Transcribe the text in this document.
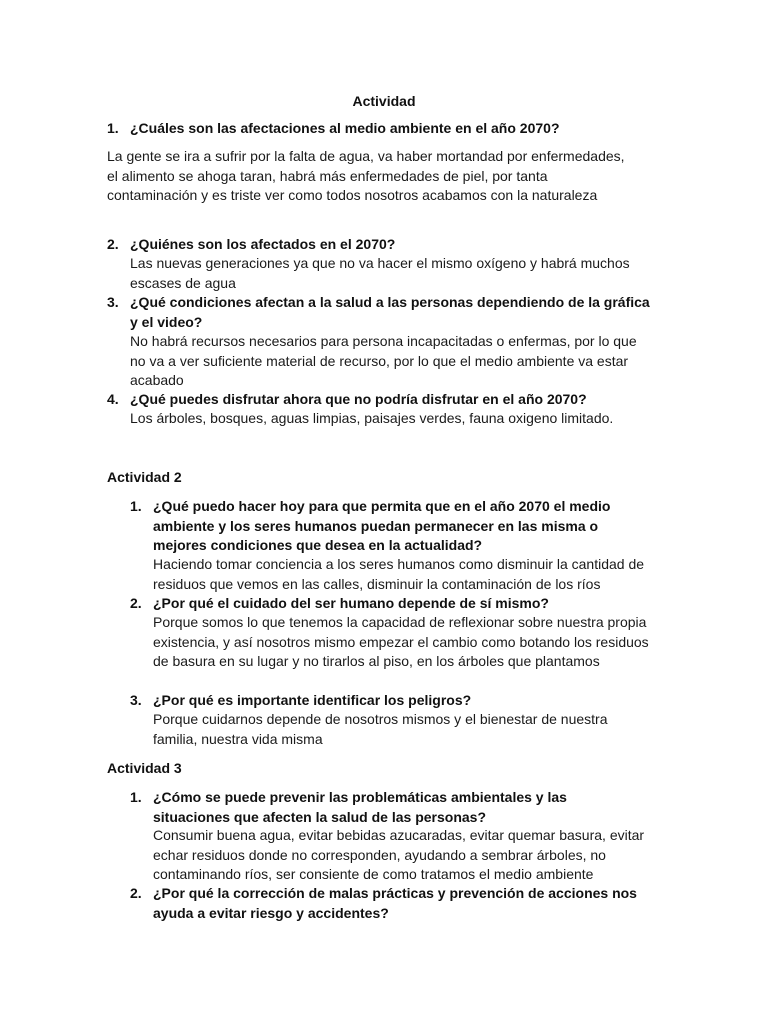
Actividad
1. ¿Cuáles son las afectaciones al medio ambiente en el año 2070?
La gente se ira a sufrir por la falta de agua, va haber mortandad por enfermedades, el alimento se ahoga taran, habrá más enfermedades de piel, por tanta contaminación y es triste ver como todos nosotros acabamos con la naturaleza
2. ¿Quiénes son los afectados en el 2070?
Las nuevas generaciones ya que no va hacer el mismo oxígeno y habrá muchos escases de agua
3. ¿Qué condiciones afectan a la salud a las personas dependiendo de la gráfica y el video?
No habrá recursos necesarios para persona incapacitadas o enfermas, por lo que no va a ver suficiente material de recurso, por lo que el medio ambiente va estar acabado
4. ¿Qué puedes disfrutar ahora que no podría disfrutar en el año 2070?
Los árboles, bosques, aguas limpias, paisajes verdes, fauna oxigeno limitado.
Actividad 2
1. ¿Qué puedo hacer hoy para que permita que en el año 2070 el medio ambiente y los seres humanos puedan permanecer en las misma o mejores condiciones que desea en la actualidad?
Haciendo tomar conciencia a los seres humanos como disminuir la cantidad de residuos que vemos en las calles, disminuir la contaminación de los ríos
2. ¿Por qué el cuidado del ser humano depende de sí mismo?
Porque somos lo que tenemos la capacidad de reflexionar sobre nuestra propia existencia, y así nosotros mismo empezar el cambio como botando los residuos de basura en su lugar y no tirarlos al piso, en los árboles que plantamos
3. ¿Por qué es importante identificar los peligros?
Porque cuidarnos depende de nosotros mismos y el bienestar de nuestra familia, nuestra vida misma
Actividad 3
1. ¿Cómo se puede prevenir las problemáticas ambientales y las situaciones que afecten la salud de las personas?
Consumir buena agua, evitar bebidas azucaradas, evitar quemar basura, evitar echar residuos donde no corresponden, ayudando a sembrar árboles, no contaminando ríos, ser consiente de como tratamos el medio ambiente
2. ¿Por qué la corrección de malas prácticas y prevención de acciones nos ayuda a evitar riesgo y accidentes?
